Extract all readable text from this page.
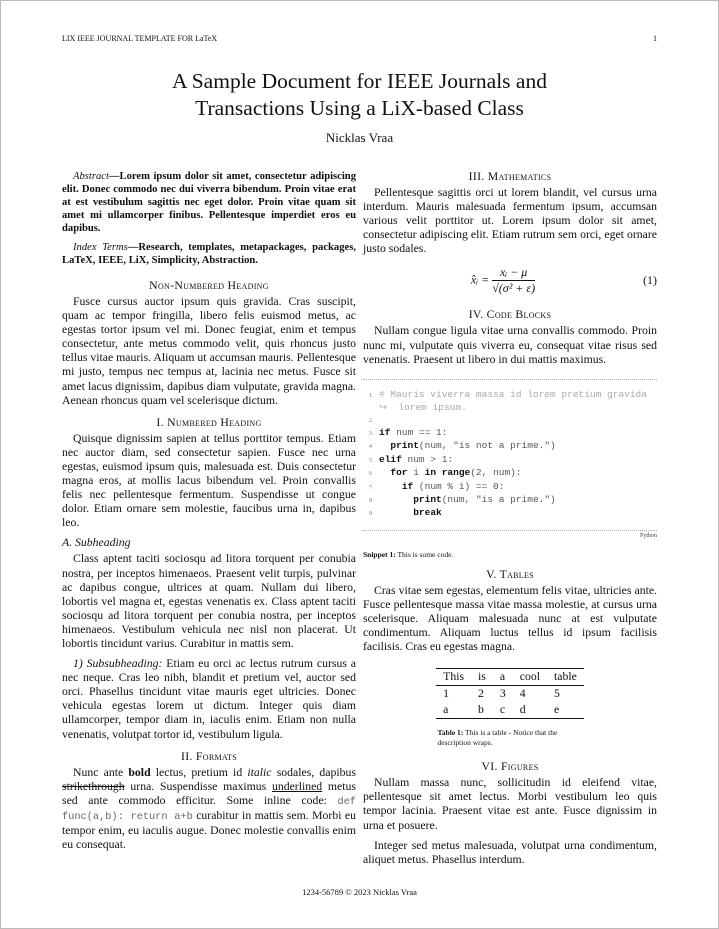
LIX IEEE JOURNAL TEMPLATE FOR LaTeX	1
A Sample Document for IEEE Journals and
Transactions Using a LiX-based Class
Nicklas Vraa

Abstract—Lorem ipsum dolor sit amet, consectetur adipiscing elit. Donec commodo nec dui viverra bibendum. Proin vitae erat at est vestibulum sagittis nec eget dolor. Proin vitae quam sit amet mi ullamcorper finibus. Pellentesque imperdiet eros eu dapibus.

Index Terms—Research, templates, metapackages, packages, LaTeX, IEEE, LiX, Simplicity, Abstraction.

Non-Numbered Heading

Fusce cursus auctor ipsum quis gravida. Cras suscipit, quam ac tempor fringilla, libero felis euismod metus, ac egestas tortor ipsum vel mi. Donec feugiat, enim et tempus consectetur, ante metus commodo velit, quis rhoncus justo tellus vitae mauris. Aliquam ut accumsan mauris. Pellentesque mi justo, tempus nec tempus at, lacinia nec metus. Fusce sit amet lacus dignissim, dapibus diam vulputate, gravida magna. Aenean rhoncus quam vel scelerisque dictum.

I. Numbered Heading

Quisque dignissim sapien at tellus porttitor tempus. Etiam nec auctor diam, sed consectetur sapien. Fusce nec urna egestas, euismod ipsum quis, malesuada est. Duis consectetur magna eros, at mollis lacus bibendum vel. Proin convallis felis nec pellentesque fermentum. Suspendisse ut congue dolor. Etiam ornare sem molestie, faucibus urna in, dapibus leo.

A. Subheading

Class aptent taciti sociosqu ad litora torquent per conubia nostra, per inceptos himenaeos. Praesent velit turpis, pulvinar ac dapibus congue, ultrices at quam. Nullam dui libero, lobortis vel magna et, egestas venenatis ex. Class aptent taciti sociosqu ad litora torquent per conubia nostra, per inceptos himenaeos. Vestibulum vehicula nec nisl non placerat. Ut lobortis tincidunt varius. Curabitur in mattis sem.

1) Subsubheading: Etiam eu orci ac lectus rutrum cursus a nec neque. Cras leo nibh, blandit et pretium vel, auctor sed orci. Phasellus tincidunt vitae mauris eget ultricies. Donec vehicula egestas lorem ut dictum. Integer quis diam ullamcorper, tempor diam in, iaculis enim. Etiam non nulla venenatis, volutpat tortor id, vestibulum ligula.

II. Formats

Nunc ante bold lectus, pretium id italic sodales, dapibus strikethrough urna. Suspendisse maximus underlined metus sed ante commodo efficitur. Some inline code: def func(a,b): return a+b curabitur in mattis sem. Morbi eu tempor enim, eu iaculis augue. Donec molestie convallis enim eu consequat.

III. Mathematics

Pellentesque sagittis orci ut lorem blandit, vel cursus urna interdum. Mauris malesuada fermentum ipsum, accumsan various velit porttitor ut. Lorem ipsum dolor sit amet, consectetur adipiscing elit. Etiam rutrum sem orci, eget ornare justo sodales.

x̂ᵢ = $\frac{\text{xᵢ − μ}}{\text{√(σ² + ε)}}$	(1)
IV. Code Blocks

Nullam congue ligula vitae urna convallis commodo. Proin nunc mi, vulputate quis viverra eu, consequat vitae risus sed venenatis. Praesent ut libero in dui mattis maximus.

1 # Mauris viverra massa id lorem pretium gravida
↪  lorem ipsum.
2
3 if num == 1:
4 print(num, "is not a prime.")
5 elif num > 1:
6 for i in range(2, num):
7	if (num % i) == 0:
8	print(num, "is a prime.")
9	break
Python
Snippet 1: This is some code.
V. Tables

Cras vitae sem egestas, elementum felis vitae, ultricies ante. Fusce pellentesque massa vitae massa molestie, at cursus urna scelerisque. Aliquam malesuada nunc at est vulputate condimentum. Aliquam luctus tellus id ipsum facilisis facilisis. Cras eu egestas magna.

This	is	a	cool	table
1	2	3	4	5
a	b	c	d	e
Table 1: This is a table - Notice that the description wraps.
VI. Figures

Nullam massa nunc, sollicitudin id eleifend vitae, pellentesque sit amet lectus. Morbi vestibulum leo quis tempor lacinia. Praesent vitae est ante. Fusce dignissim in urna et posuere.

Integer sed metus malesuada, volutpat urna condimentum, aliquet metus. Phasellus interdum.

1234-56789 © 2023 Nicklas Vraa
